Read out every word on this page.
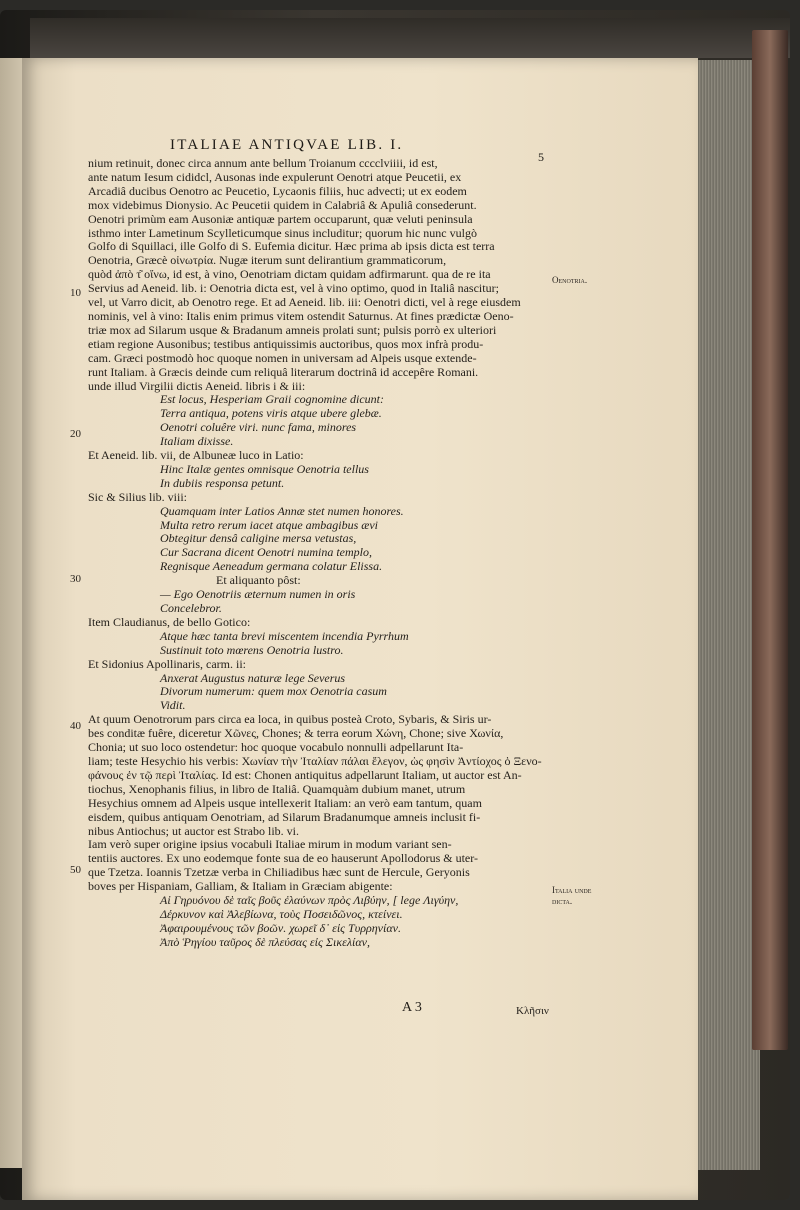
ITALIAE ANTIQVAE LIB. I.
5
10
20
30
40
50
Oenotria.
Italia unde dicta.

nium retinuit, donec circa annum ante bellum Troianum cccclviiii, id est,

ante natum Iesum cididcl, Ausonas inde expulerunt Oenotri atque Peucetii, ex

Arcadiâ ducibus Oenotro ac Peucetio, Lycaonis filiis, huc advecti; ut ex eodem

mox videbimus Dionysio. Ac Peucetii quidem in Calabriâ & Apuliâ consederunt.

Oenotri primùm eam Ausoniæ antiquæ partem occuparunt, quæ veluti peninsula

isthmo inter Lametinum Scylleticumque sinus includitur; quorum hic nunc vulgò

Golfo di Squillaci, ille Golfo di S. Eufemia dicitur. Hæc prima ab ipsis dicta est terra

Oenotria, Græcè οἰνωτρία. Nugæ iterum sunt delirantium grammaticorum,

quòd ἀπὸ τ͂ οἴνω, id est, à vino, Oenotriam dictam quidam adfirmarunt. qua de re ita

Servius ad Aeneid. lib. i: Oenotria dicta est, vel à vino optimo, quod in Italiâ nascitur;

vel, ut Varro dicit, ab Oenotro rege. Et ad Aeneid. lib. iii: Oenotri dicti, vel à rege eiusdem

nominis, vel à vino: Italis enim primus vitem ostendit Saturnus. At fines prædictæ Oeno-

triæ mox ad Silarum usque & Bradanum amneis prolati sunt; pulsis porrò ex ulteriori

etiam regione Ausonibus; testibus antiquissimis auctoribus, quos mox infrà produ-

cam. Græci postmodò hoc quoque nomen in universam ad Alpeis usque extende-

runt Italiam. à Græcis deinde cum reliquâ literarum doctrinâ id accepêre Romani.

unde illud Virgilii dictis Aeneid. libris i & iii:

Est locus, Hesperiam Graii cognomine dicunt:

Terra antiqua, potens viris atque ubere glebæ.

Oenotri coluêre viri. nunc fama, minores

Italiam dixisse.

Et Aeneid. lib. vii, de Albuneæ luco in Latio:

Hinc Italæ gentes omnisque Oenotria tellus

In dubiis responsa petunt.

Sic & Silius lib. viii:

Quamquam inter Latios Annæ stet numen honores.

Multa retro rerum iacet atque ambagibus ævi

Obtegitur densâ caligine mersa vetustas,

Cur Sacrana dicent Oenotri numina templo,

Regnisque Aeneadum germana colatur Elissa.

Et aliquanto pôst:

— Ego Oenotriis æternum numen in oris

Concelebror.

Item Claudianus, de bello Gotico:

Atque hæc tanta brevi miscentem incendia Pyrrhum

Sustinuit toto mœrens Oenotria lustro.

Et Sidonius Apollinaris, carm. ii:

Anxerat Augustus naturæ lege Severus

Divorum numerum: quem mox Oenotria casum

Vidit.

At quum Oenotrorum pars circa ea loca, in quibus posteà Croto, Sybaris, & Siris ur-

bes conditæ fuêre, diceretur Χῶνες, Chones; & terra eorum Χώνη, Chone; sive Χωνία,

Chonia; ut suo loco ostendetur: hoc quoque vocabulo nonnulli adpellarunt Ita-

liam; teste Hesychio his verbis: Χωνίαν τὴν Ἰταλίαν πάλαι ἔλεγον, ὡς φησὶν Ἀντίοχος ὁ Ξενο-

φάνους ἐν τῷ περὶ Ἰταλίας. Id est: Chonen antiquitus adpellarunt Italiam, ut auctor est An-

tiochus, Xenophanis filius, in libro de Italiâ. Quamquàm dubium manet, utrum

Hesychius omnem ad Alpeis usque intellexerit Italiam: an verò eam tantum, quam

eisdem, quibus antiquam Oenotriam, ad Silarum Bradanumque amneis inclusit fi-

nibus Antiochus; ut auctor est Strabo lib. vi.

Iam verò super origine ipsius vocabuli Italiae mirum in modum variant sen-

tentiis auctores. Ex uno eodemque fonte sua de eo hauserunt Apollodorus & uter-

que Tzetza. Ioannis Tzetzæ verba in Chiliadibus hæc sunt de Hercule, Geryonis

boves per Hispaniam, Galliam, & Italiam in Græciam abigente:

Αἱ Γηρυόνου δὲ ταῖς βοῦς ἐλαύνων πρὸς Λιβύην, [ lege Λιγύην,

Δέρκυνον καὶ Ἀλεβίωνα, τοὺς Ποσειδῶνος, κτείνει.

Ἀφαιρουμένους τῶν βοῶν. χωρεῖ δ᾽ εἰς Τυρρηνίαν.

Ἀπὸ Ῥηγίου ταῦρος δὲ πλεύσας εἰς Σικελίαν,

A 3	Κλῆσιν
